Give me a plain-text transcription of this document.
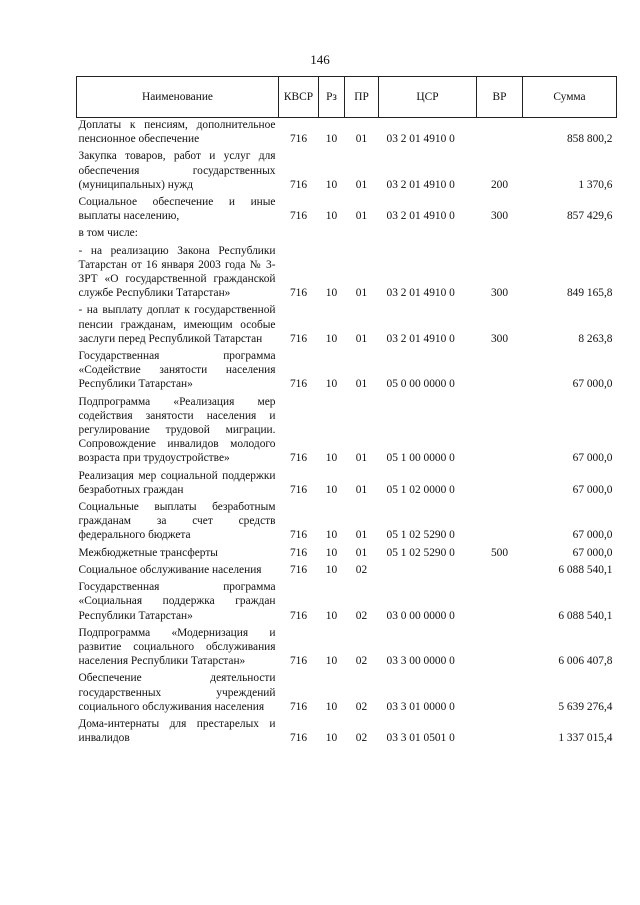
146
Наименование	КВСР	Рз	ПР	ЦСР	ВР	Сумма
Доплаты к пенсиям, дополнительное пенсионное обеспечение	716	10	01	03 2 01 4910 0		858 800,2
Закупка товаров, работ и услуг для обеспечения государственных (муниципальных) нужд	716	10	01	03 2 01 4910 0	200	1 370,6
Социальное обеспечение и иные выплаты населению,	716	10	01	03 2 01 4910 0	300	857 429,6
в том числе:						
- на реализацию Закона Республики Татарстан от 16 января 2003 года № 3-ЗРТ «О государственной гражданской службе Республики Татарстан»	716	10	01	03 2 01 4910 0	300	849 165,8
- на выплату доплат к государственной пенсии гражданам, имеющим особые заслуги перед Республикой Татарстан	716	10	01	03 2 01 4910 0	300	8 263,8
Государственная программа «Содействие занятости населения Республики Татарстан»	716	10	01	05 0 00 0000 0		67 000,0
Подпрограмма «Реализация мер содействия занятости населения и регулирование трудовой миграции. Сопровождение инвалидов молодого возраста при трудоустройстве»	716	10	01	05 1 00 0000 0		67 000,0
Реализация мер социальной поддержки безработных граждан	716	10	01	05 1 02 0000 0		67 000,0
Социальные выплаты безработным гражданам за счет средств федерального бюджета	716	10	01	05 1 02 5290 0		67 000,0
Межбюджетные трансферты	716	10	01	05 1 02 5290 0	500	67 000,0
Социальное обслуживание населения	716	10	02			6 088 540,1
Государственная программа «Социальная поддержка граждан Республики Татарстан»	716	10	02	03 0 00 0000 0		6 088 540,1
Подпрограмма «Модернизация и развитие социального обслуживания населения Республики Татарстан»	716	10	02	03 3 00 0000 0		6 006 407,8
Обеспечение деятельности государственных учреждений социального обслуживания населения	716	10	02	03 3 01 0000 0		5 639 276,4
Дома-интернаты для престарелых и инвалидов	716	10	02	03 3 01 0501 0		1 337 015,4
